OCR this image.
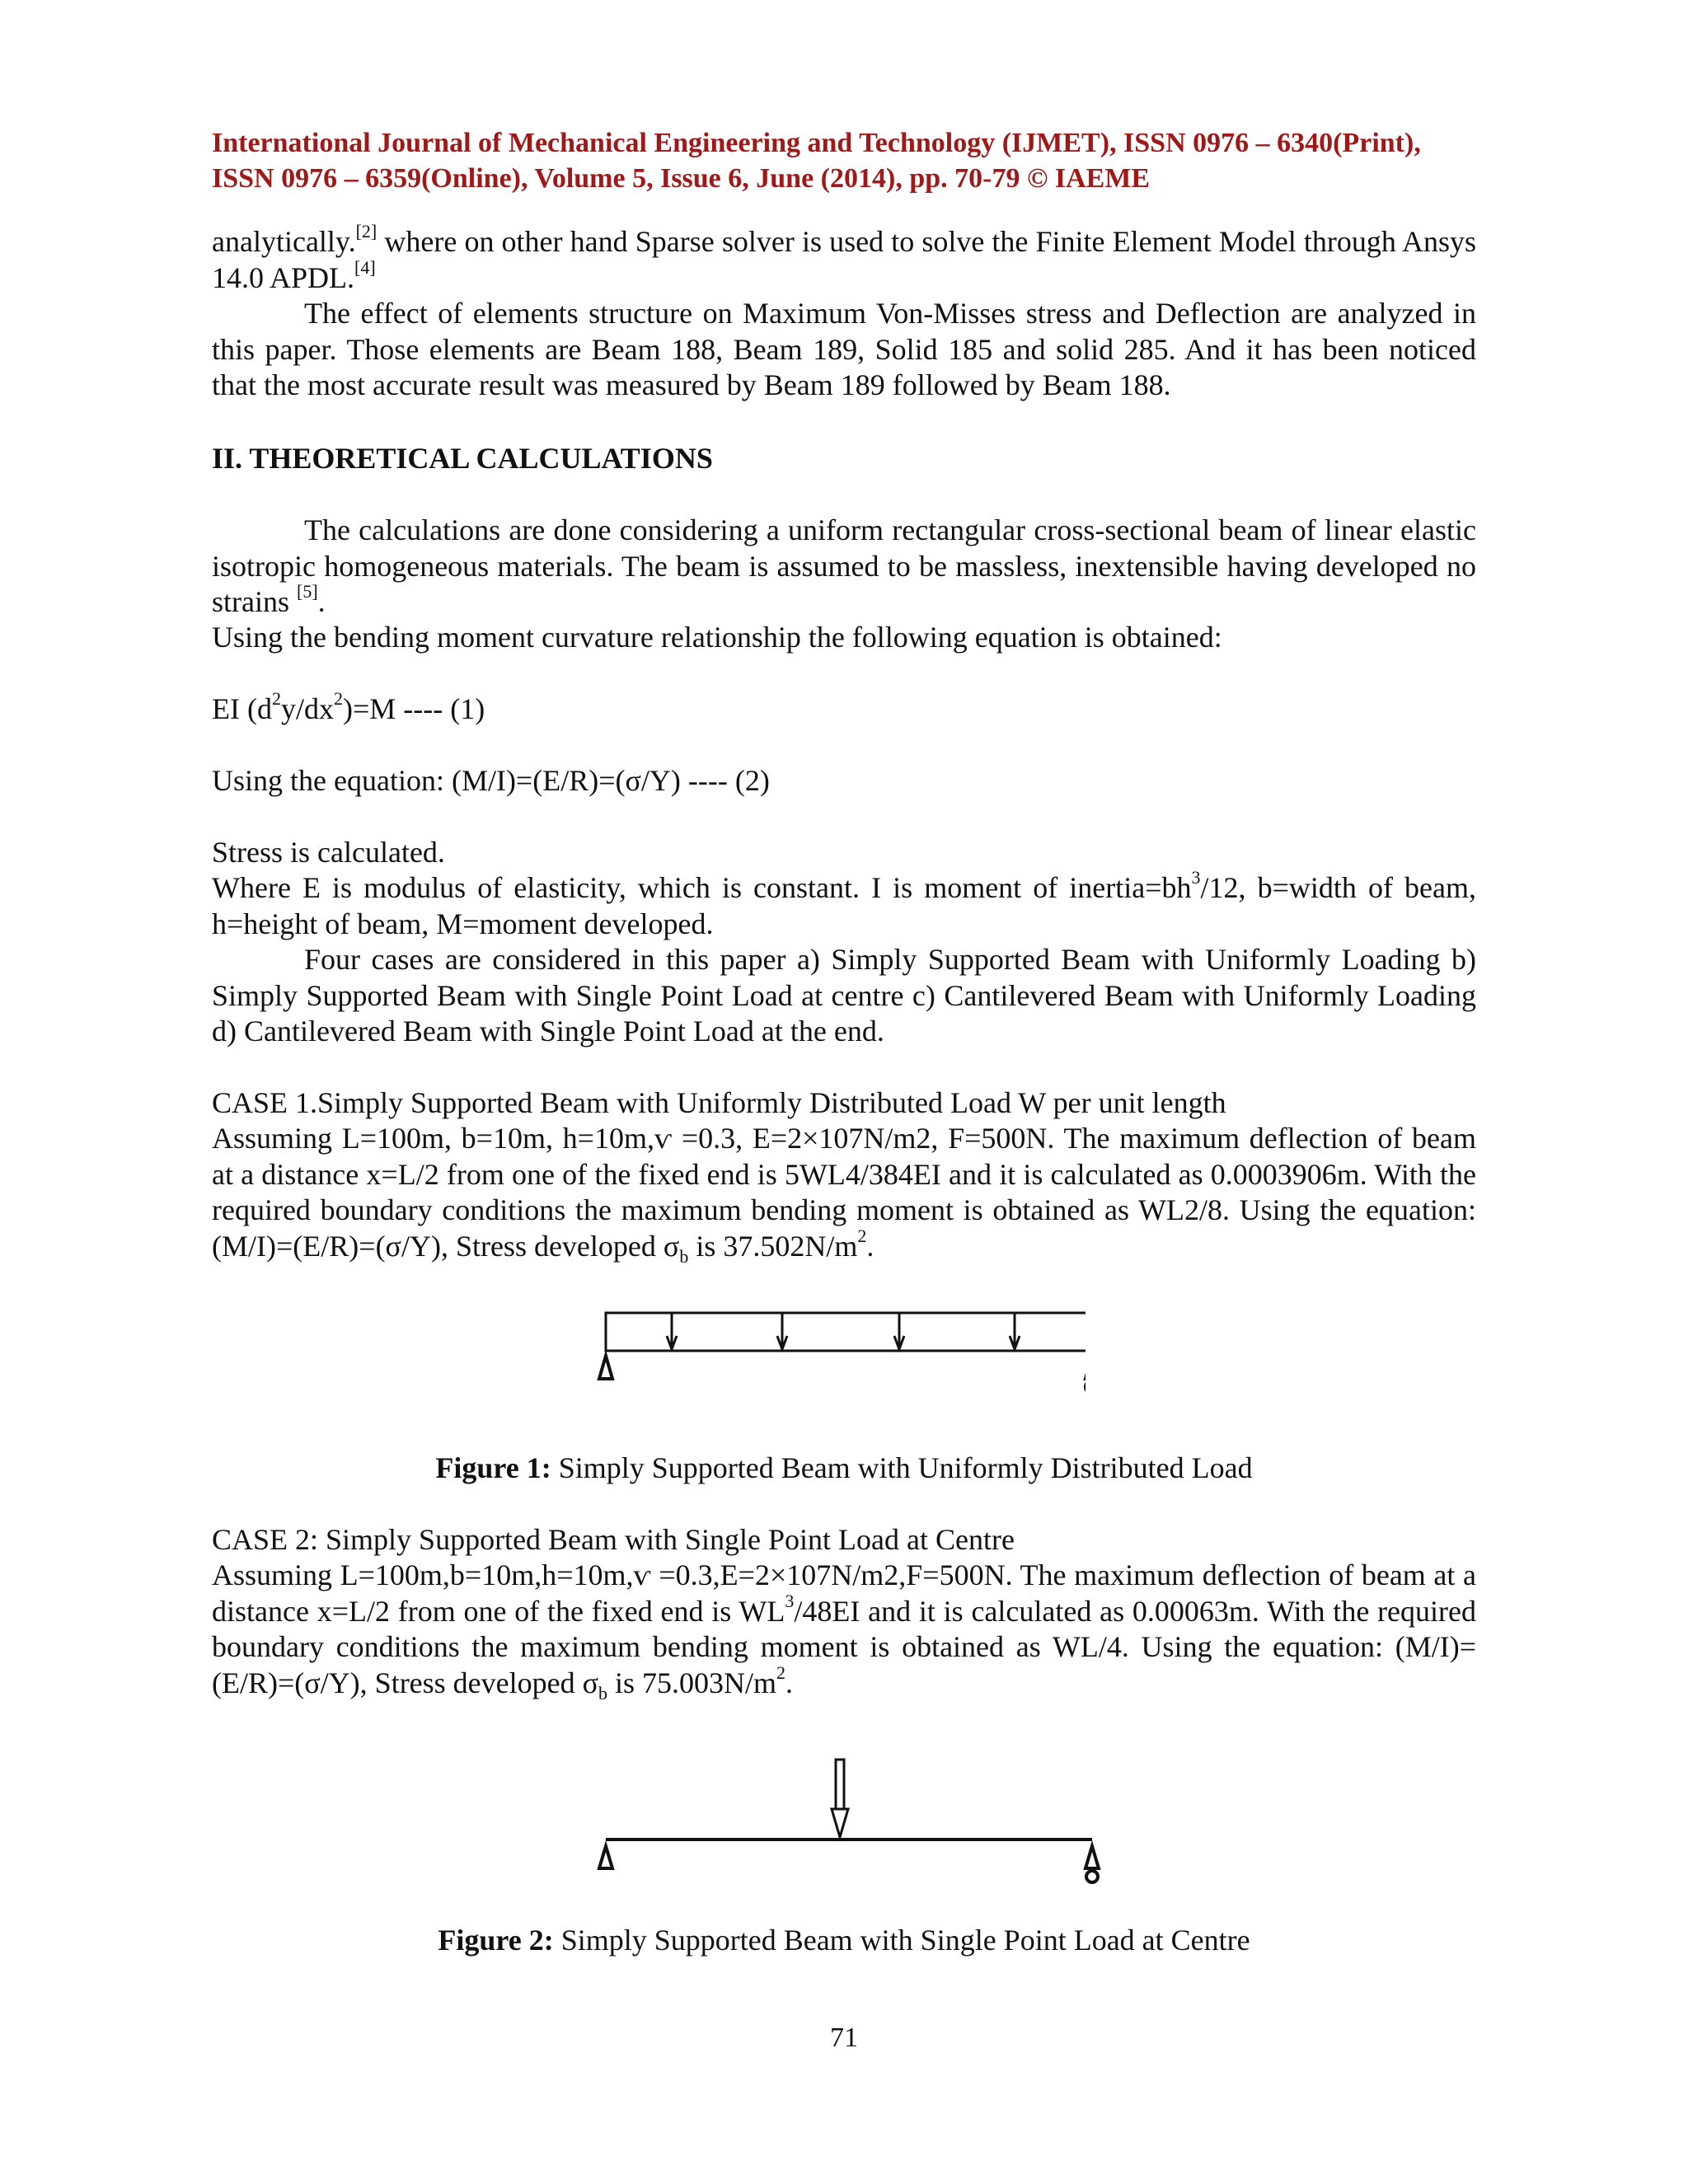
International Journal of Mechanical Engineering and Technology (IJMET), ISSN 0976 – 6340(Print),
ISSN 0976 – 6359(Online), Volume 5, Issue 6, June (2014), pp. 70-79 © IAEME
analytically.[2] where on other hand Sparse solver is used to solve the Finite Element Model through Ansys 14.0 APDL.[4]
The effect of elements structure on Maximum Von-Misses stress and Deflection are analyzed in this paper. Those elements are Beam 188, Beam 189, Solid 185 and solid 285. And it has been noticed that the most accurate result was measured by Beam 189 followed by Beam 188.
II. THEORETICAL CALCULATIONS
The calculations are done considering a uniform rectangular cross-sectional beam of linear elastic isotropic homogeneous materials. The beam is assumed to be massless, inextensible having developed no strains [5].
Using the bending moment curvature relationship the following equation is obtained:
EI $(d^2y/dx^2)=M$ ---- (1)
Using the equation: (M/I)=(E/R)=(σ/Y) ---- (2)
Stress is calculated.
Where E is modulus of elasticity, which is constant. I is moment of $inertia=bh^3/12$, b=width of beam, h=height of beam, M=moment developed.
Four cases are considered in this paper a) Simply Supported Beam with Uniformly Loading b) Simply Supported Beam with Single Point Load at centre c) Cantilevered Beam with Uniformly Loading d) Cantilevered Beam with Single Point Load at the end.
CASE 1.Simply Supported Beam with Uniformly Distributed Load W per unit length
Assuming L=100m, b=10m, h=10m,ѵ =0.3, E=2×107N/m2, F=500N. The maximum deflection of beam at a distance x=L/2 from one of the fixed end is 5WL4/384EI and it is calculated as 0.0003906m. With the required boundary conditions the maximum bending moment is obtained as WL2/8. Using the equation: (M/I)=(E/R)=(σ/Y), Stress developed $\sigma_b$ is $37.502N/m^2$.
Figure 1: Simply Supported Beam with Uniformly Distributed Load
CASE 2: Simply Supported Beam with Single Point Load at Centre
Assuming L=100m,b=10m,h=10m,ѵ =0.3,E=2×107N/m2,F=500N. The maximum deflection of beam at a distance x=L/2 from one of the fixed end is $WL^3/48EI$ and it is calculated as 0.00063m. With the required boundary conditions the maximum bending moment is obtained as WL/4. Using the equation: (M/I)=(E/R)=(σ/Y), Stress developed $\sigma_b$ is $75.003N/m^2$.
Figure 2: Simply Supported Beam with Single Point Load at Centre
71
